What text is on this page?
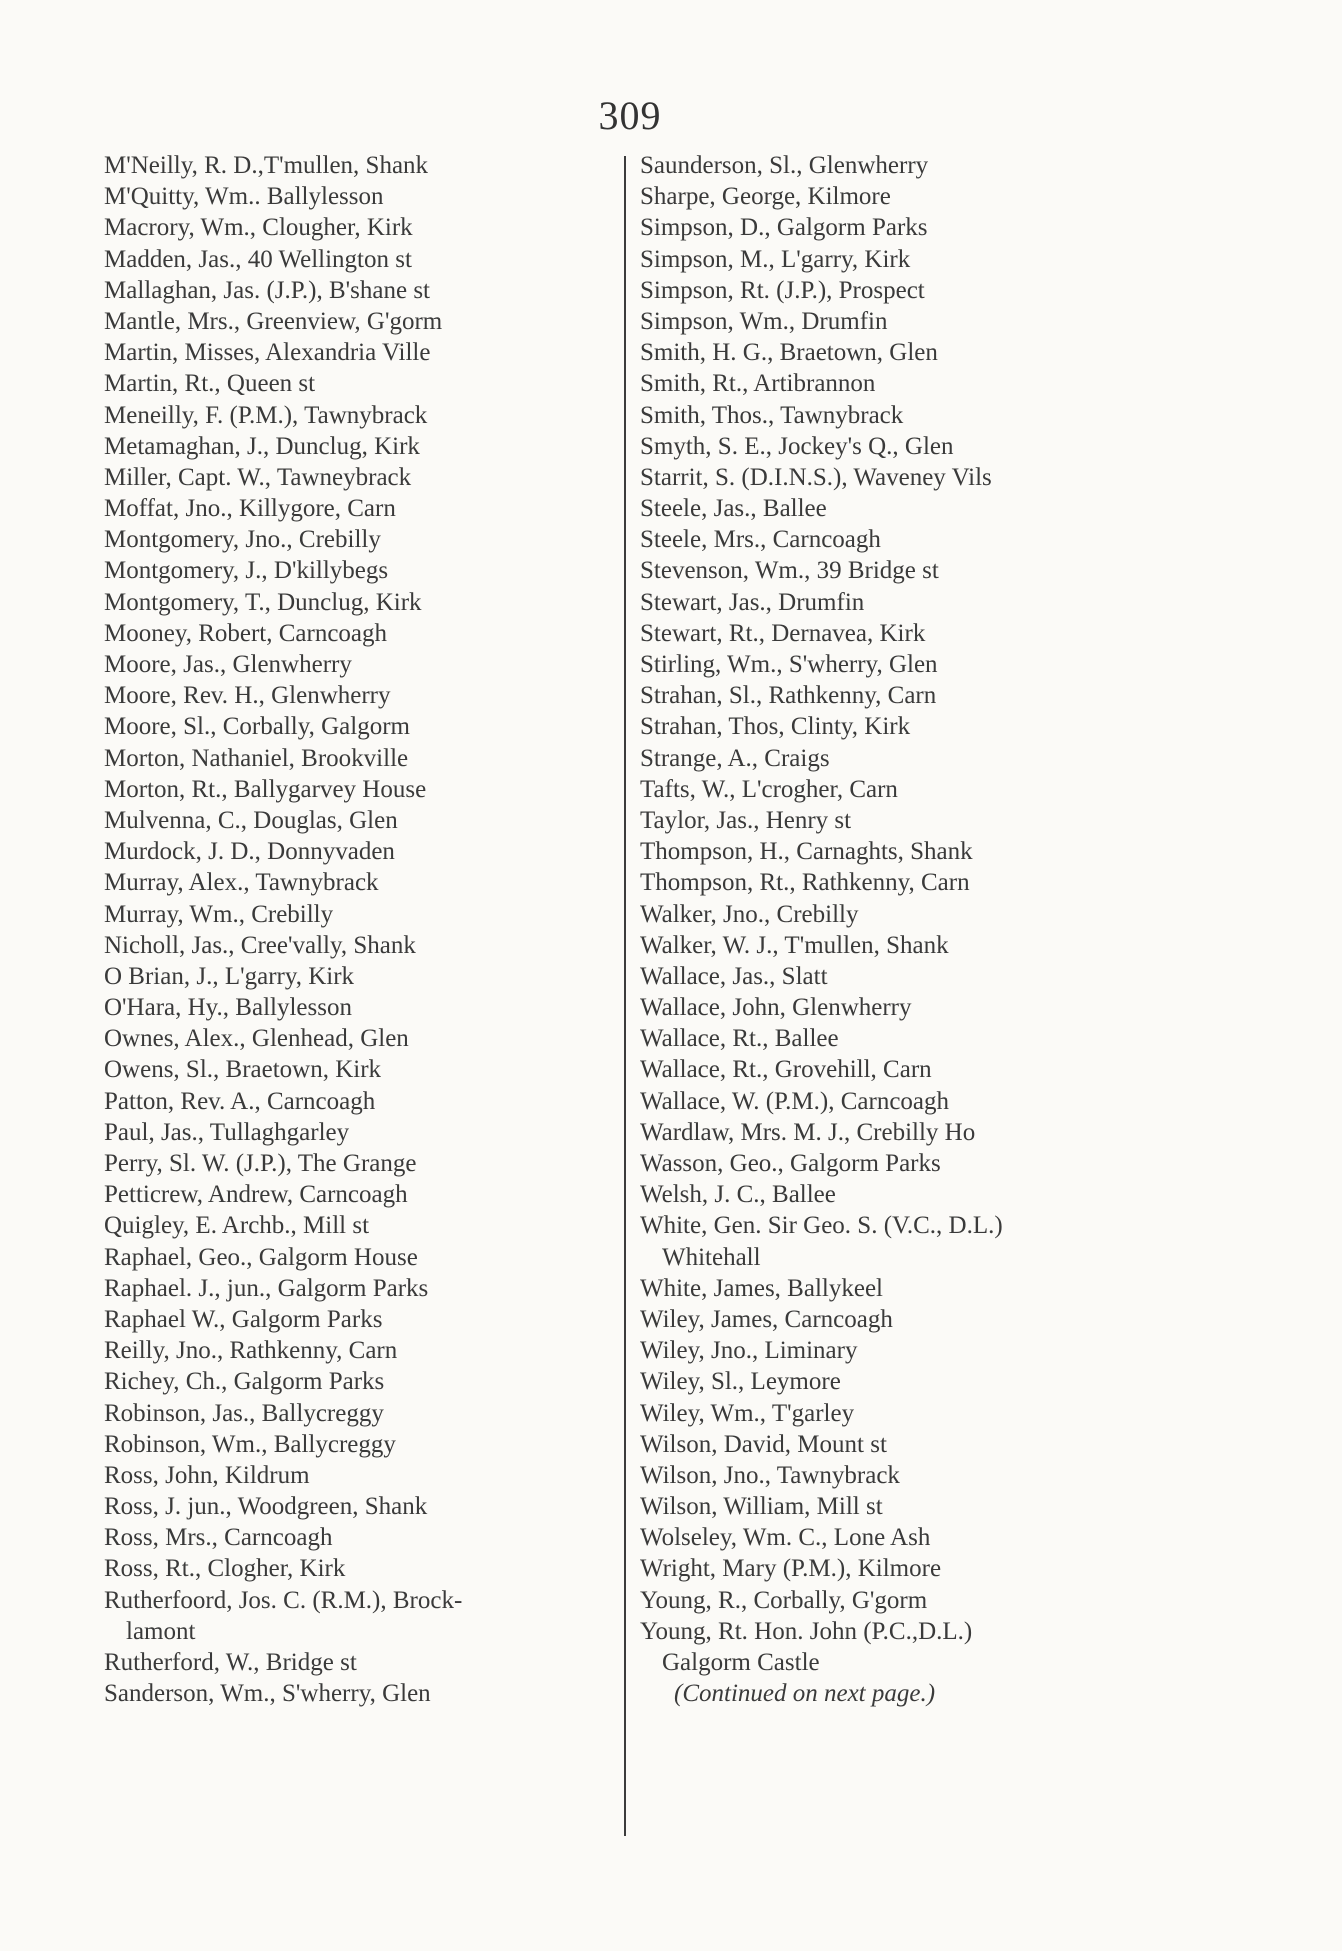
309
M'Neilly, R. D.,T'mullen, Shank
M'Quitty, Wm.. Ballylesson
Macrory, Wm., Clougher, Kirk
Madden, Jas., 40 Wellington st
Mallaghan, Jas. (J.P.), B'shane st
Mantle, Mrs., Greenview, G'gorm
Martin, Misses, Alexandria Ville
Martin, Rt., Queen st
Meneilly, F. (P.M.), Tawnybrack
Metamaghan, J., Dunclug, Kirk
Miller, Capt. W., Tawneybrack
Moffat, Jno., Killygore, Carn
Montgomery, Jno., Crebilly
Montgomery, J., D'killybegs
Montgomery, T., Dunclug, Kirk
Mooney, Robert, Carncoagh
Moore, Jas., Glenwherry
Moore, Rev. H., Glenwherry
Moore, Sl., Corbally, Galgorm
Morton, Nathaniel, Brookville
Morton, Rt., Ballygarvey House
Mulvenna, C., Douglas, Glen
Murdock, J. D., Donnyvaden
Murray, Alex., Tawnybrack
Murray, Wm., Crebilly
Nicholl, Jas., Cree'vally, Shank
O Brian, J., L'garry, Kirk
O'Hara, Hy., Ballylesson
Ownes, Alex., Glenhead, Glen
Owens, Sl., Braetown, Kirk
Patton, Rev. A., Carncoagh
Paul, Jas., Tullaghgarley
Perry, Sl. W. (J.P.), The Grange
Petticrew, Andrew, Carncoagh
Quigley, E. Archb., Mill st
Raphael, Geo., Galgorm House
Raphael. J., jun., Galgorm Parks
Raphael W., Galgorm Parks
Reilly, Jno., Rathkenny, Carn
Richey, Ch., Galgorm Parks
Robinson, Jas., Ballycreggy
Robinson, Wm., Ballycreggy
Ross, John, Kildrum
Ross, J. jun., Woodgreen, Shank
Ross, Mrs., Carncoagh
Ross, Rt., Clogher, Kirk
Rutherfoord, Jos. C. (R.M.), Brock-
lamont
Rutherford, W., Bridge st
Sanderson, Wm., S'wherry, Glen
Saunderson, Sl., Glenwherry
Sharpe, George, Kilmore
Simpson, D., Galgorm Parks
Simpson, M., L'garry, Kirk
Simpson, Rt. (J.P.), Prospect
Simpson, Wm., Drumfin
Smith, H. G., Braetown, Glen
Smith, Rt., Artibrannon
Smith, Thos., Tawnybrack
Smyth, S. E., Jockey's Q., Glen
Starrit, S. (D.I.N.S.), Waveney Vils
Steele, Jas., Ballee
Steele, Mrs., Carncoagh
Stevenson, Wm., 39 Bridge st
Stewart, Jas., Drumfin
Stewart, Rt., Dernavea, Kirk
Stirling, Wm., S'wherry, Glen
Strahan, Sl., Rathkenny, Carn
Strahan, Thos, Clinty, Kirk
Strange, A., Craigs
Tafts, W., L'crogher, Carn
Taylor, Jas., Henry st
Thompson, H., Carnaghts, Shank
Thompson, Rt., Rathkenny, Carn
Walker, Jno., Crebilly
Walker, W. J., T'mullen, Shank
Wallace, Jas., Slatt
Wallace, John, Glenwherry
Wallace, Rt., Ballee
Wallace, Rt., Grovehill, Carn
Wallace, W. (P.M.), Carncoagh
Wardlaw, Mrs. M. J., Crebilly Ho
Wasson, Geo., Galgorm Parks
Welsh, J. C., Ballee
White, Gen. Sir Geo. S. (V.C., D.L.)
Whitehall
White, James, Ballykeel
Wiley, James, Carncoagh
Wiley, Jno., Liminary
Wiley, Sl., Leymore
Wiley, Wm., T'garley
Wilson, David, Mount st
Wilson, Jno., Tawnybrack
Wilson, William, Mill st
Wolseley, Wm. C., Lone Ash
Wright, Mary (P.M.), Kilmore
Young, R., Corbally, G'gorm
Young, Rt. Hon. John (P.C.,D.L.)
Galgorm Castle
(Continued on next page.)
